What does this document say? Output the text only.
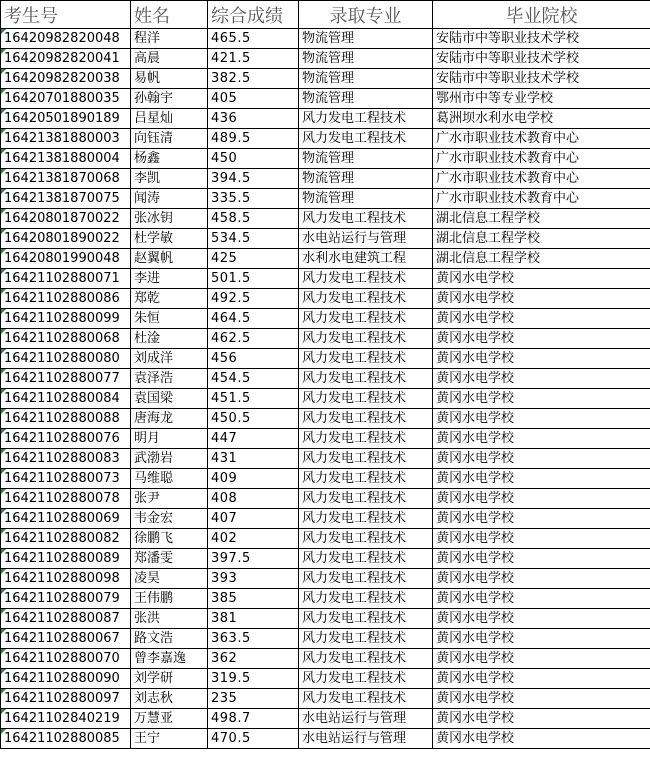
考生号	姓名	综合成绩	录取专业	毕业院校
16420982820048	程洋	465.5	物流管理	安陆市中等职业技术学校
16420982820041	高晨	421.5	物流管理	安陆市中等职业技术学校
16420982820038	易帆	382.5	物流管理	安陆市中等职业技术学校
16420701880035	孙翰宇	405	物流管理	鄂州市中等专业学校
16420501890189	吕星灿	436	风力发电工程技术	葛洲坝水利水电学校
16421381880003	向钰清	489.5	风力发电工程技术	广水市职业技术教育中心
16421381880004	杨鑫	450	物流管理	广水市职业技术教育中心
16421381870068	李凯	394.5	物流管理	广水市职业技术教育中心
16421381870075	闻涛	335.5	物流管理	广水市职业技术教育中心
16420801870022	张冰钥	458.5	风力发电工程技术	湖北信息工程学校
16420801890022	杜学敏	534.5	水电站运行与管理	湖北信息工程学校
16420801990048	赵翼帆	425	水利水电建筑工程	湖北信息工程学校
16421102880071	李进	501.5	风力发电工程技术	黄冈水电学校
16421102880086	郑乾	492.5	风力发电工程技术	黄冈水电学校
16421102880099	朱恒	464.5	风力发电工程技术	黄冈水电学校
16421102880068	杜淦	462.5	风力发电工程技术	黄冈水电学校
16421102880080	刘成洋	456	风力发电工程技术	黄冈水电学校
16421102880077	袁泽浩	454.5	风力发电工程技术	黄冈水电学校
16421102880084	袁国梁	451.5	风力发电工程技术	黄冈水电学校
16421102880088	唐海龙	450.5	风力发电工程技术	黄冈水电学校
16421102880076	明月	447	风力发电工程技术	黄冈水电学校
16421102880083	武渤岩	431	风力发电工程技术	黄冈水电学校
16421102880073	马维聪	409	风力发电工程技术	黄冈水电学校
16421102880078	张尹	408	风力发电工程技术	黄冈水电学校
16421102880069	韦金宏	407	风力发电工程技术	黄冈水电学校
16421102880082	徐鹏飞	402	风力发电工程技术	黄冈水电学校
16421102880089	郑潘雯	397.5	风力发电工程技术	黄冈水电学校
16421102880098	凌昊	393	风力发电工程技术	黄冈水电学校
16421102880079	王伟鹏	385	风力发电工程技术	黄冈水电学校
16421102880087	张洪	381	风力发电工程技术	黄冈水电学校
16421102880067	路文浩	363.5	风力发电工程技术	黄冈水电学校
16421102880070	曾李嘉逸	362	风力发电工程技术	黄冈水电学校
16421102880090	刘学研	319.5	风力发电工程技术	黄冈水电学校
16421102880097	刘志秋	235	风力发电工程技术	黄冈水电学校
16421102840219	万慧亚	498.7	水电站运行与管理	黄冈水电学校
16421102880085	王宁	470.5	水电站运行与管理	黄冈水电学校
